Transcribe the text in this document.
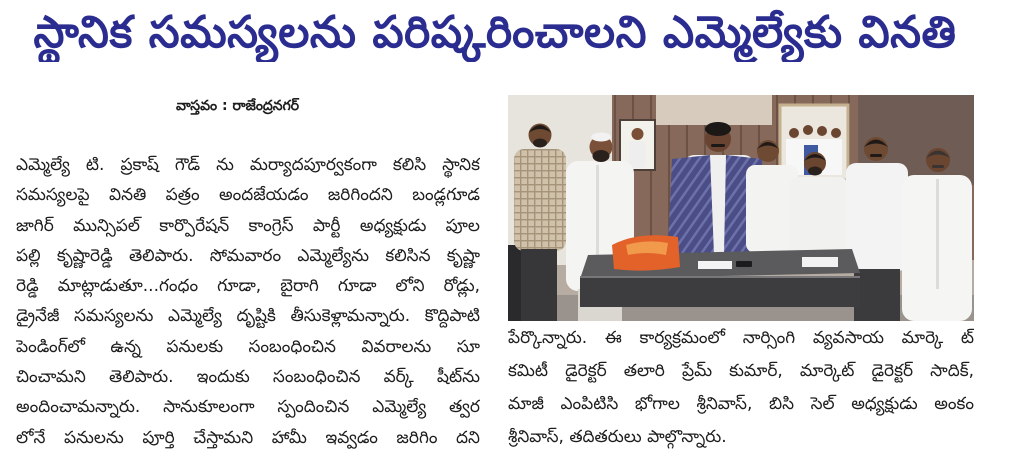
స్థానిక సమస్యలను పరిష్కరించాలని ఎమ్మెల్యేకు వినతి
వాస్తవం : రాజేంద్రనగర్
ఎమ్మెల్యే టి. ప్రకాష్ గౌడ్ ను మర్యాదపూర్వకంగా కలిసి స్థానిక
సమస్యలపై వినతి పత్రం అందజేయడం జరిగిందని బండ్లగూడ
జాగిర్ మున్సిపల్ కార్పొరేషన్ కాంగ్రెస్ పార్టీ అధ్యక్షుడు పూల
పల్లి కృష్ణారెడ్డి తెలిపారు. సోమవారం ఎమ్మెల్యేను కలిసిన కృష్ణా
రెడ్డి మాట్లాడుతూ...గంధం గూడా, బైరాగి గూడా లోని రోడ్లు,
డ్రైనేజీ సమస్యలను ఎమ్మెల్యే దృష్టికి తీసుకెళ్లామన్నారు. కొద్దిపాటి
పెండింగ్‌లో ఉన్న పనులకు సంబంధించిన వివరాలను సూ
చించామని తెలిపారు. ఇందుకు సంబంధించిన వర్క్ షీట్‌ను
అందించామన్నారు. సానుకూలంగా స్పందించిన ఎమ్మెల్యే త్వర
లోనే పనులను పూర్తి చేస్తామని హామీ ఇవ్వడం జరిగిం దని
పేర్కొన్నారు. ఈ కార్యక్రమంలో నార్సింగి వ్యవసాయ మార్కె ట్
కమిటీ డైరెక్టర్ తలారి ప్రేమ్ కుమార్, మార్కెట్ డైరెక్టర్ సాదిక్,
మాజీ ఎంపిటిసి భోగాల శ్రీనివాస్, బిసి సెల్ అధ్యక్షుడు అంకం
శ్రీనివాస్, తదితరులు పాల్గొన్నారు.
